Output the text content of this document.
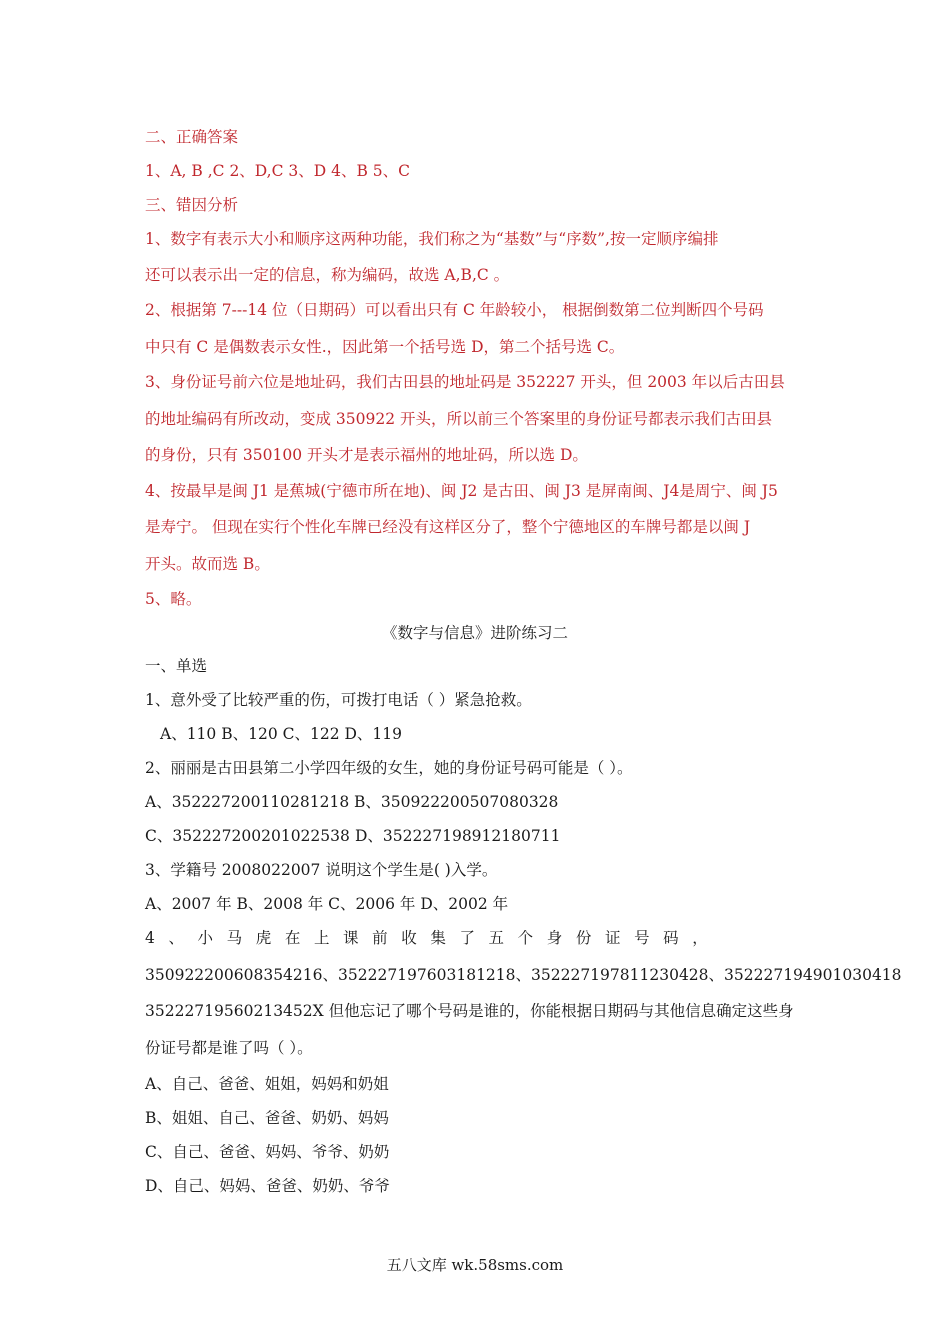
二、正确答案
1、A, B ,C 2、D,C 3、D 4、B 5、C
三、错因分析
1、数字有表示大小和顺序这两种功能，我们称之为“基数”与“序数”,按一定顺序编排
还可以表示出一定的信息，称为编码，故选 A,B,C 。
2、根据第 7---14 位（日期码）可以看出只有 C 年龄较小， 根据倒数第二位判断四个号码
中只有 C 是偶数表示女性.，因此第一个括号选 D，第二个括号选 C。
3、身份证号前六位是地址码，我们古田县的地址码是 352227 开头，但 2003 年以后古田县
的地址编码有所改动，变成 350922 开头，所以前三个答案里的身份证号都表示我们古田县
的身份，只有 350100 开头才是表示福州的地址码，所以选 D。
4、按最早是闽 J1 是蕉城(宁德市所在地)、闽 J2 是古田、闽 J3 是屏南闽、J4是周宁、闽 J5
是寿宁。 但现在实行个性化车牌已经没有这样区分了，整个宁德地区的车牌号都是以闽 J
开头。故而选 B。
5、略。
《数字与信息》进阶练习二
一、单选
1、意外受了比较严重的伤，可拨打电话（ ）紧急抢救。
A、110 B、120 C、122 D、119
2、丽丽是古田县第二小学四年级的女生，她的身份证号码可能是（ ）。
A、352227200110281218 B、350922200507080328
C、352227200201022538 D、352227198912180711
3、学籍号 2008022007 说明这个学生是( )入学。
A、2007 年 B、2008 年 C、2006 年 D、2002 年
4、小马虎在上课前收集了五个身份证号码，
350922200608354216、352227197603181218、352227197811230428、352227194901030418
35222719560213452X 但他忘记了哪个号码是谁的，你能根据日期码与其他信息确定这些身
份证号都是谁了吗（ ）。
A、自己、爸爸、姐姐，妈妈和奶姐
B、姐姐、自己、爸爸、奶奶、妈妈
C、自己、爸爸、妈妈、爷爷、奶奶
D、自己、妈妈、爸爸、奶奶、爷爷
五八文库 wk.58sms.com
